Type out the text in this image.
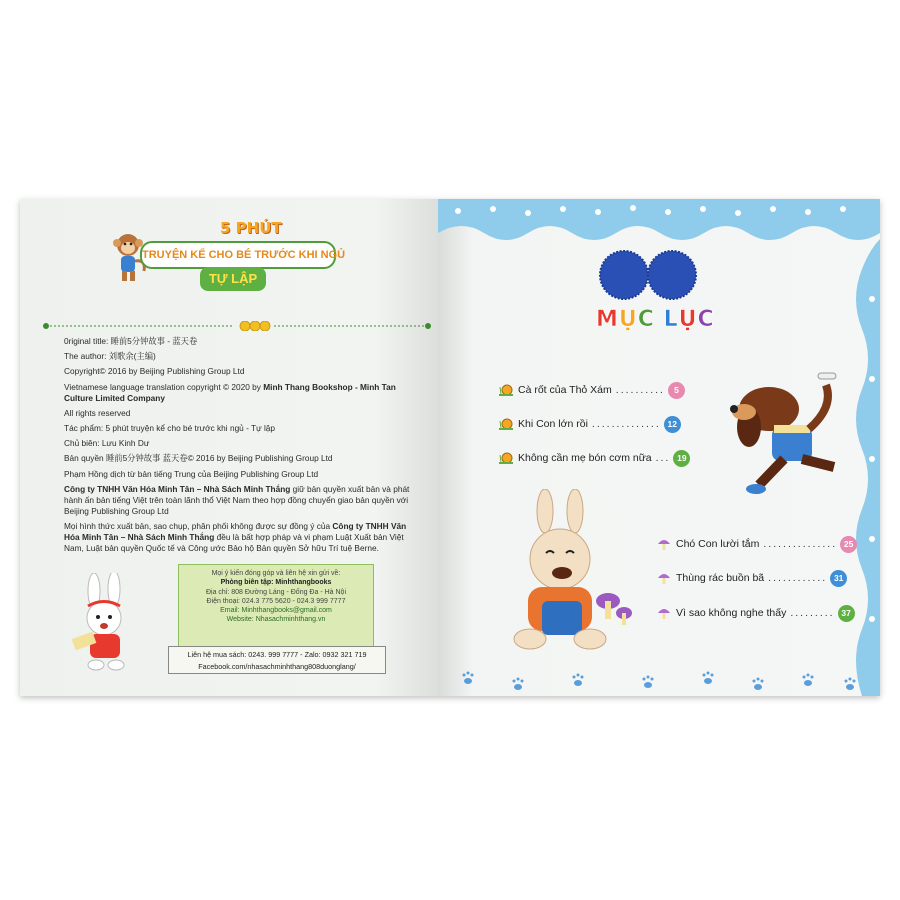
5 PHÚT
TRUYỆN KỂ CHO BÉ TRƯỚC KHI NGỦ
TỰ LẬP
0riginal title: 睡前5分钟故事 - 蓝天卷
The author: 刘歌余(主编)
Copyright© 2016 by Beijing Publishing Group Ltd
Vietnamese language translation copyright © 2020 by Minh Thang Bookshop - Minh Tan Culture Limited Company
All rights reserved
Tác phẩm: 5 phút truyện kể cho bé trước khi ngủ - Tự lập
Chủ biên: Lưu Kinh Dư
Bản quyền 睡前5分钟故事 蓝天卷© 2016 by Beijing Publishing Group Ltd
Phạm Hồng dịch từ bản tiếng Trung của Beijing Publishing Group Ltd
Công ty TNHH Văn Hóa Minh Tân – Nhà Sách Minh Thắng giữ bản quyền xuất bản và phát hành ấn bản tiếng Việt trên toàn lãnh thổ Việt Nam theo hợp đồng chuyển giao bản quyền với Beijing Publishing Group Ltd
Mọi hình thức xuất bản, sao chụp, phân phối không được sự đồng ý của Công ty TNHH Văn Hóa Minh Tân – Nhà Sách Minh Thắng đều là bất hợp pháp và vi phạm Luật Xuất bản Việt Nam, Luật bản quyền Quốc tế và Công ước Bảo hộ Bản quyền Sở hữu Trí tuệ Berne.
Mọi ý kiến đóng góp và liên hệ xin gửi về:
Phòng biên tập: Minhthangbooks
Địa chỉ: 808 Đường Láng - Đống Đa - Hà Nội
Điện thoại: 024.3 775 5620 - 024.3 999 7777
Email: Minhthangbooks@gmail.com
Website: Nhasachminhthang.vn
Liên hệ mua sách: 0243. 999 7777 - Zalo: 0932 321 719
Facebook.com/nhasachminhthang808duonglang/
MỤC LỤC
Cà rốt của Thỏ Xám ..........	5
Khi Con lớn rồi .............. 12
Không cần mẹ bón cơm nữa ... 19
Chó Con lười tắm ............... 25
Thùng rác buồn bã ............ 31
Vì sao không nghe thấy ......... 37
